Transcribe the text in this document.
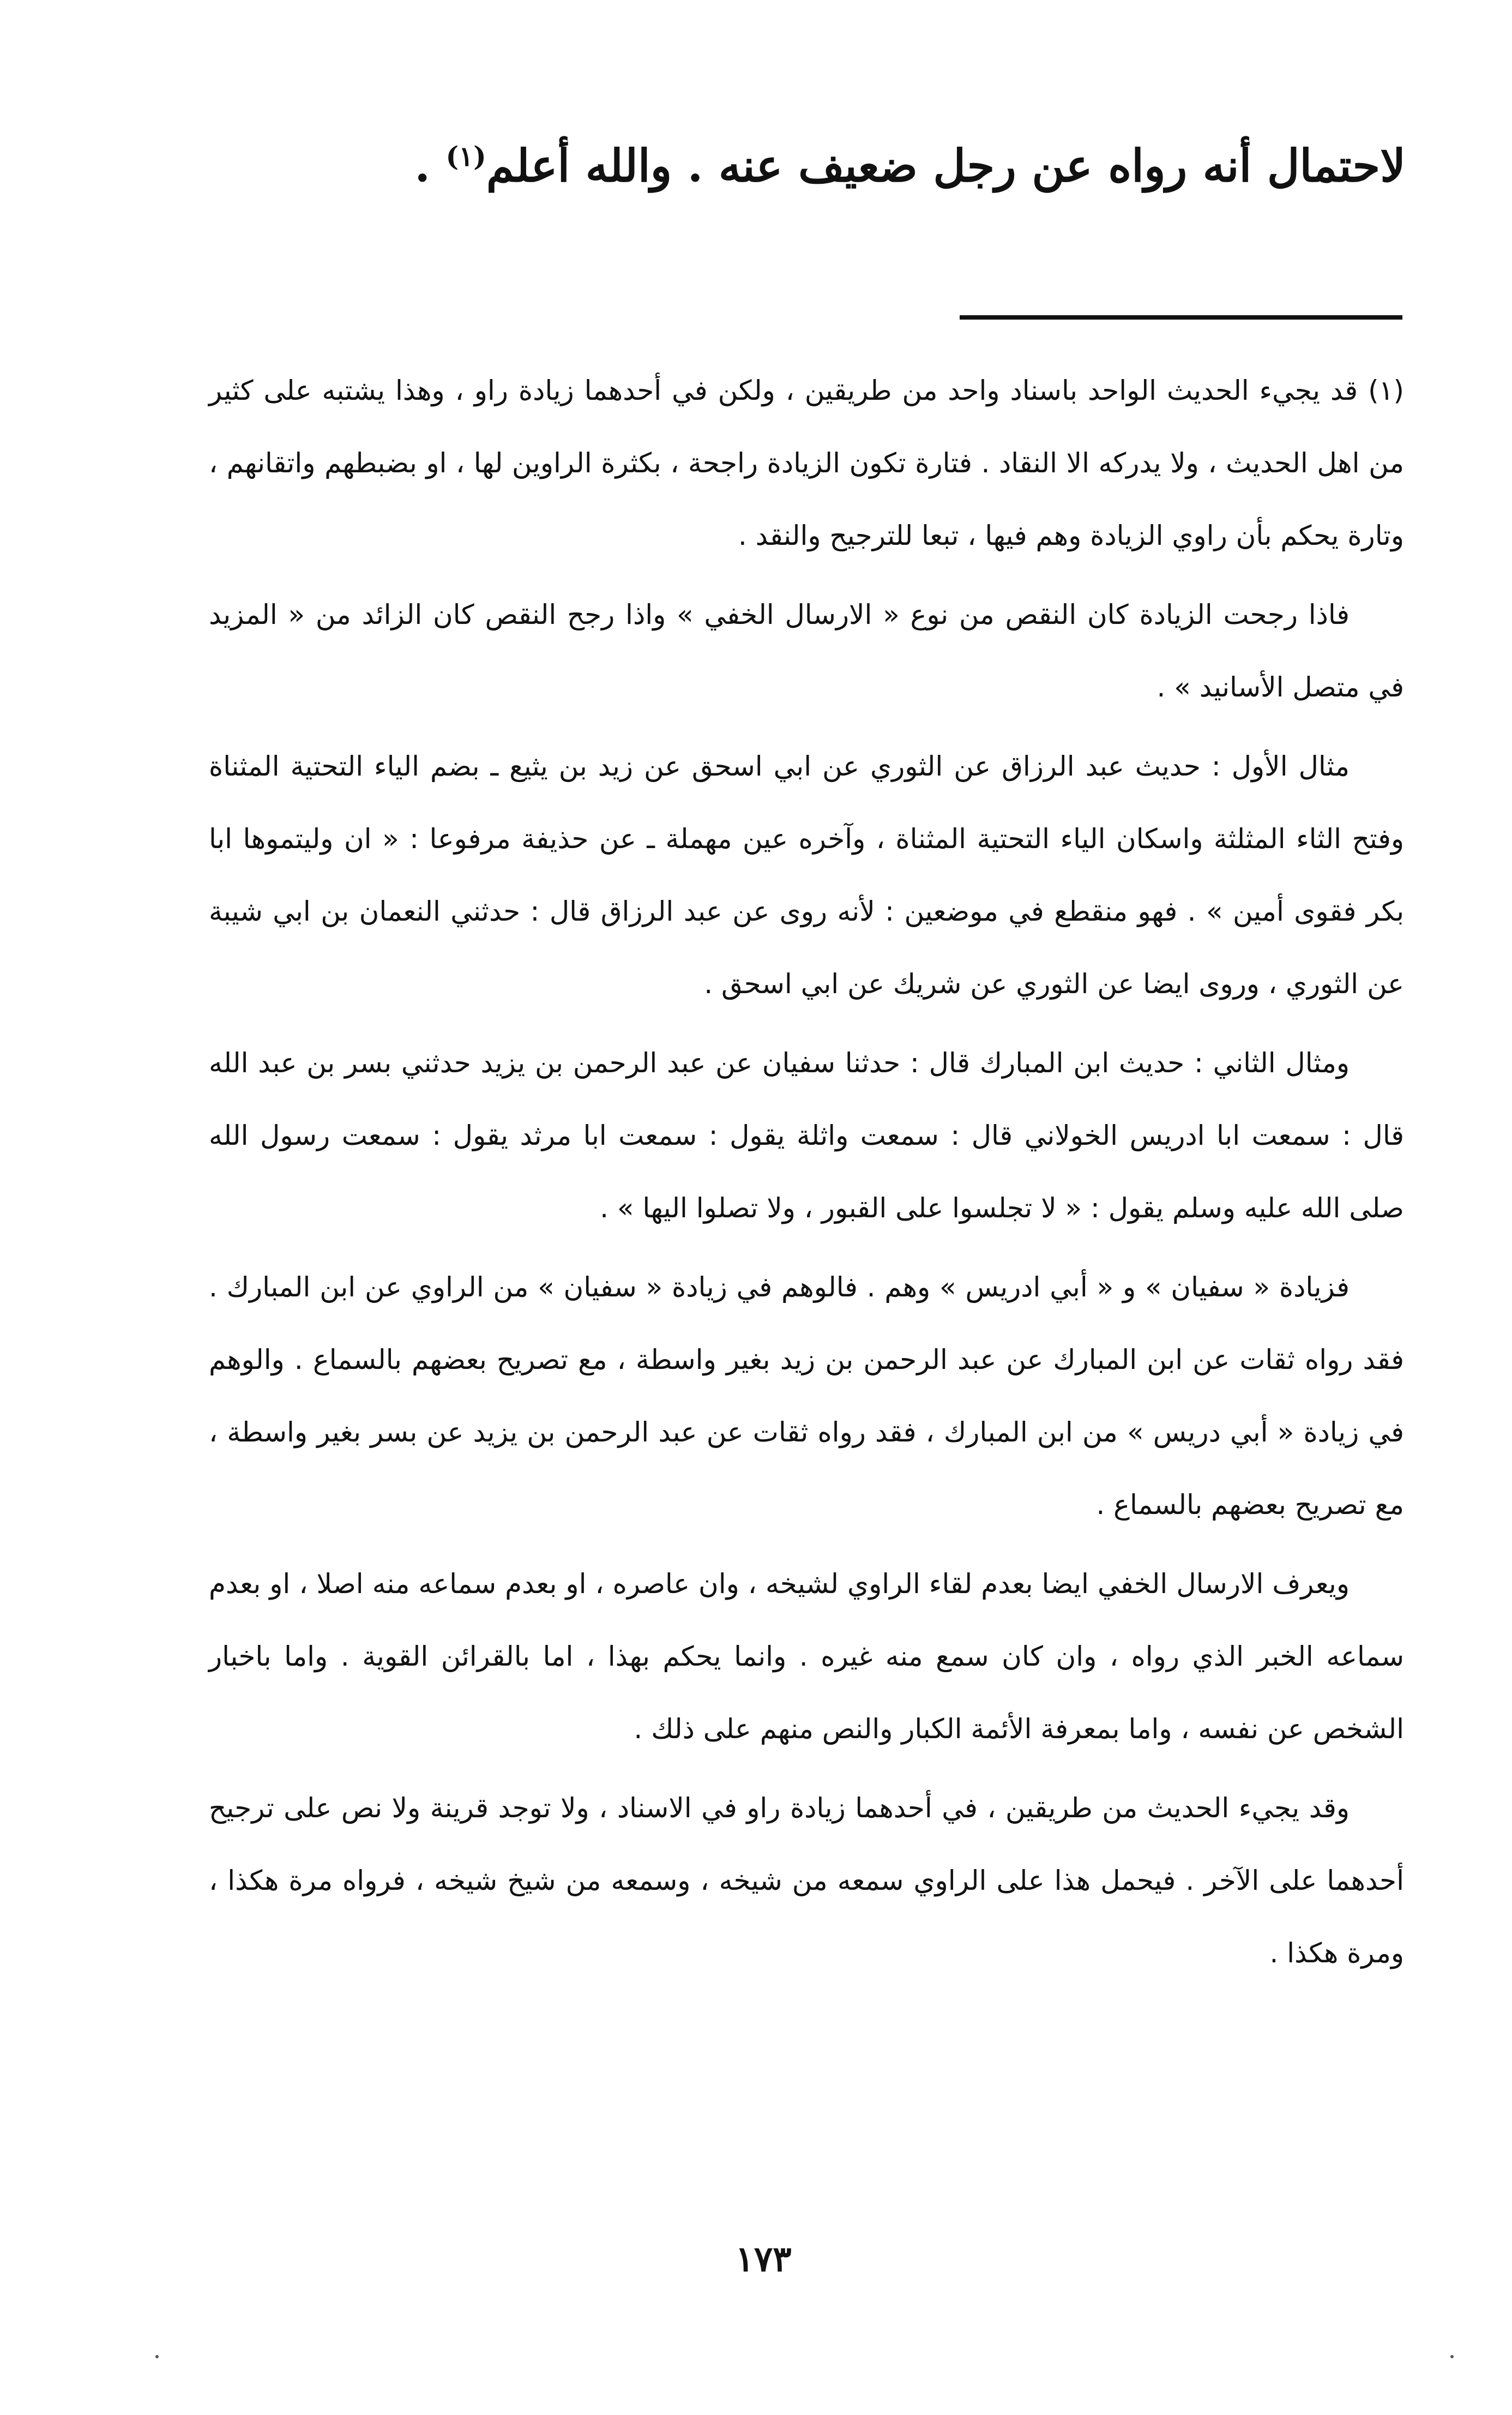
لاحتمال أنه رواه عن رجل ضعيف عنه . والله أعلم$^{(١)}$ .

(١) قد يجيء الحديث الواحد باسناد واحد من طريقين ، ولكن في أحدهما زيادة راو ، وهذا يشتبه على كثير من اهل الحديث ، ولا يدركه الا النقاد . فتارة تكون الزيادة راجحة ، بكثرة الراوين لها ، او بضبطهم واتقانهم ، وتارة يحكم بأن راوي الزيادة وهم فيها ، تبعا للترجيح والنقد .

فاذا رجحت الزيادة كان النقص من نوع « الارسال الخفي » واذا رجح النقص كان الزائد من « المزيد في متصل الأسانيد » .

مثال الأول : حديث عبد الرزاق عن الثوري عن ابي اسحق عن زيد بن يثيع ـ بضم الياء التحتية المثناة وفتح الثاء المثلثة واسكان الياء التحتية المثناة ، وآخره عين مهملة ـ عن حذيفة مرفوعا : « ان وليتموها ابا بكر فقوى أمين » . فهو منقطع في موضعين : لأنه روى عن عبد الرزاق قال : حدثني النعمان بن ابي شيبة عن الثوري ، وروى ايضا عن الثوري عن شريك عن ابي اسحق .

ومثال الثاني : حديث ابن المبارك قال : حدثنا سفيان عن عبد الرحمن بن يزيد حدثني بسر بن عبد الله قال : سمعت ابا ادريس الخولاني قال : سمعت واثلة يقول : سمعت ابا مرثد يقول : سمعت رسول الله صلى الله عليه وسلم يقول : « لا تجلسوا على القبور ، ولا تصلوا اليها » .

فزيادة « سفيان » و « أبي ادريس » وهم . فالوهم في زيادة « سفيان » من الراوي عن ابن المبارك . فقد رواه ثقات عن ابن المبارك عن عبد الرحمن بن زيد بغير واسطة ، مع تصريح بعضهم بالسماع . والوهم في زيادة « أبي دريس » من ابن المبارك ، فقد رواه ثقات عن عبد الرحمن بن يزيد عن بسر بغير واسطة ، مع تصريح بعضهم بالسماع .

ويعرف الارسال الخفي ايضا بعدم لقاء الراوي لشيخه ، وان عاصره ، او بعدم سماعه منه اصلا ، او بعدم سماعه الخبر الذي رواه ، وان كان سمع منه غيره . وانما يحكم بهذا ، اما بالقرائن القوية . واما باخبار الشخص عن نفسه ، واما بمعرفة الأئمة الكبار والنص منهم على ذلك .

وقد يجيء الحديث من طريقين ، في أحدهما زيادة راو في الاسناد ، ولا توجد قرينة ولا نص على ترجيح أحدهما على الآخر . فيحمل هذا على الراوي سمعه من شيخه ، وسمعه من شيخ شيخه ، فرواه مرة هكذا ، ومرة هكذا .

١٧٣
